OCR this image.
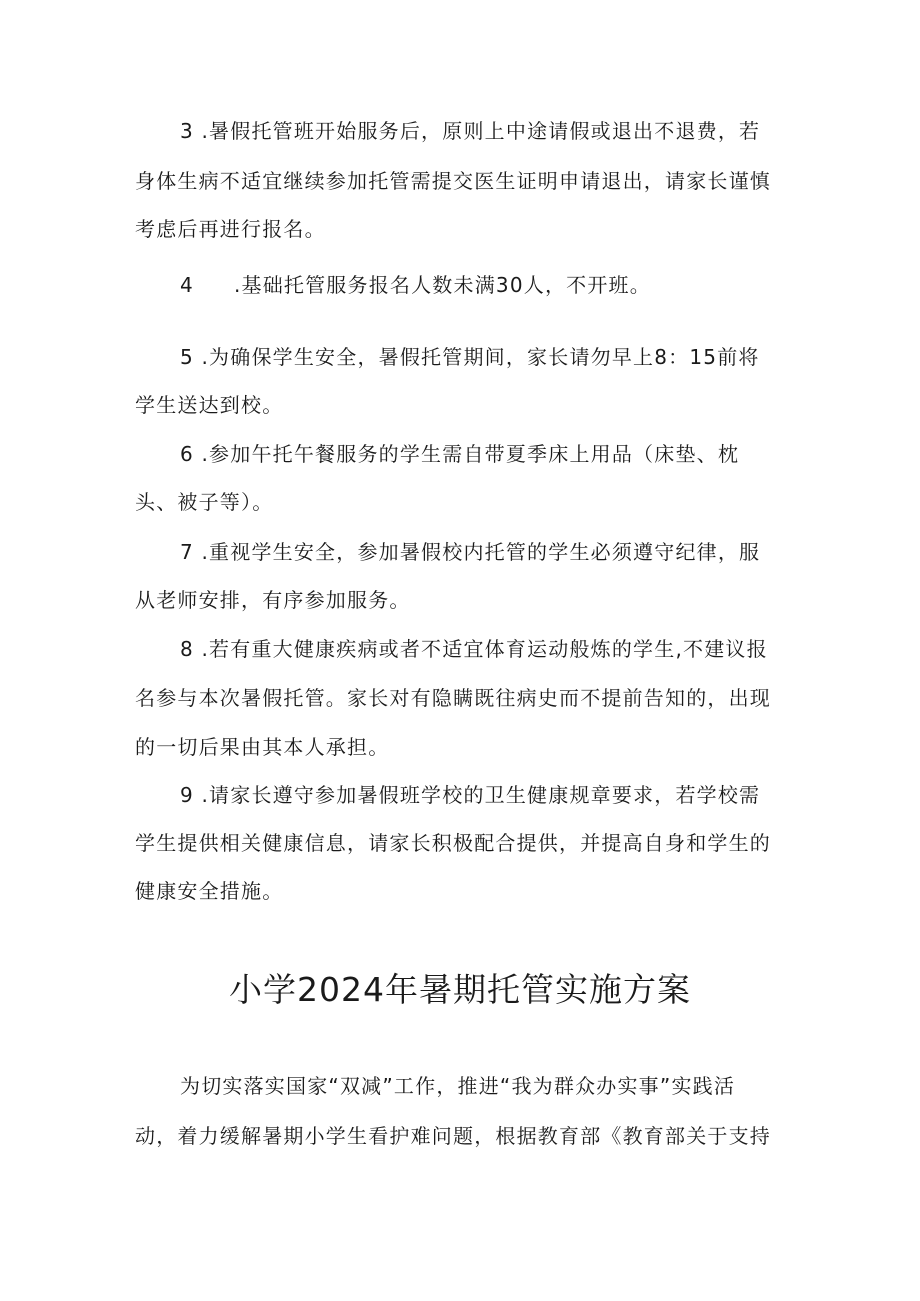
3 .暑假托管班开始服务后，原则上中途请假或退出不退费，若
身体生病不适宜继续参加托管需提交医生证明申请退出，请家长谨慎
考虑后再进行报名。
4 .基础托管服务报名人数未满30人，不开班。
5 .为确保学生安全，暑假托管期间，家长请勿早上8：15前将
学生送达到校。
6 .参加午托午餐服务的学生需自带夏季床上用品（床垫、枕
头、被子等）。
7 .重视学生安全，参加暑假校内托管的学生必须遵守纪律，服
从老师安排，有序参加服务。
8 .若有重大健康疾病或者不适宜体育运动般炼的学生,不建议报
名参与本次暑假托管。家长对有隐瞒既往病史而不提前告知的，出现
的一切后果由其本人承担。
9 .请家长遵守参加暑假班学校的卫生健康规章要求，若学校需
学生提供相关健康信息，请家长积极配合提供，并提高自身和学生的
健康安全措施。
小学2024年暑期托管实施方案
为切实落实国家“双减”工作，推进“我为群众办实事”实践活
动，着力缓解暑期小学生看护难问题，根据教育部《教育部关于支持
